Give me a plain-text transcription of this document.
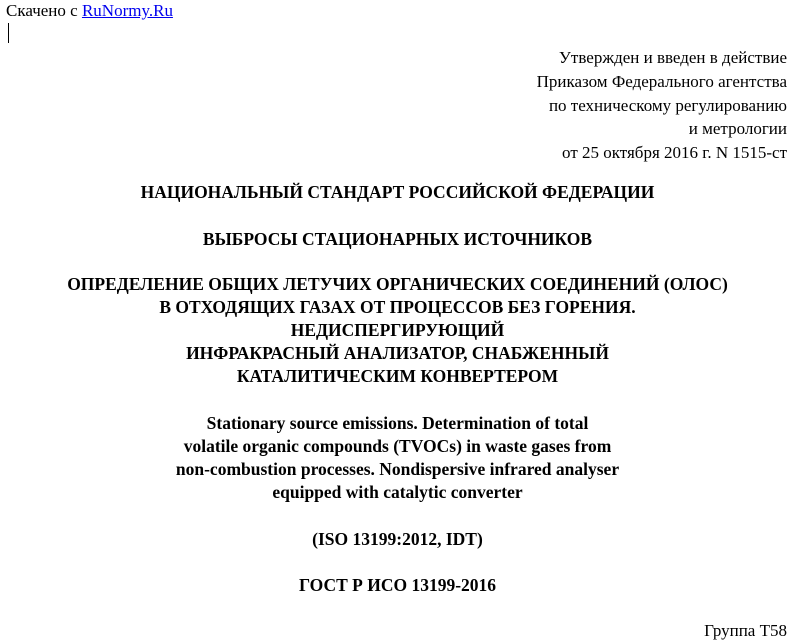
Скачено с RuNormy.Ru
Утвержден и введен в действие
Приказом Федерального агентства
по техническому регулированию
и метрологии
от 25 октября 2016 г. N 1515-ст
НАЦИОНАЛЬНЫЙ СТАНДАРТ РОССИЙСКОЙ ФЕДЕРАЦИИ
ВЫБРОСЫ СТАЦИОНАРНЫХ ИСТОЧНИКОВ
ОПРЕДЕЛЕНИЕ ОБЩИХ ЛЕТУЧИХ ОРГАНИЧЕСКИХ СОЕДИНЕНИЙ (ОЛОС)
В ОТХОДЯЩИХ ГАЗАХ ОТ ПРОЦЕССОВ БЕЗ ГОРЕНИЯ.
НЕДИСПЕРГИРУЮЩИЙ
ИНФРАКРАСНЫЙ АНАЛИЗАТОР, СНАБЖЕННЫЙ
КАТАЛИТИЧЕСКИМ КОНВЕРТЕРОМ
Stationary source emissions. Determination of total
volatile organic compounds (TVOCs) in waste gases from
non-combustion processes. Nondispersive infrared analyser
equipped with catalytic converter
(ISO 13199:2012, IDT)
ГОСТ Р ИСО 13199-2016
Группа Т58
